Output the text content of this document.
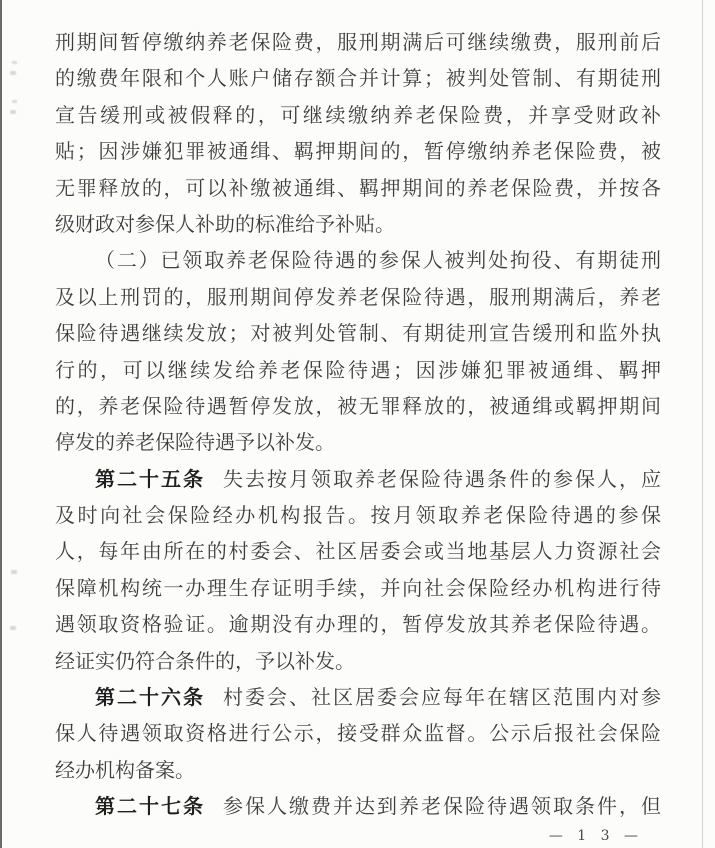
刑期间暂停缴纳养老保险费，服刑期满后可继续缴费，服刑前后
的缴费年限和个人账户储存额合并计算；被判处管制、有期徒刑
宣告缓刑或被假释的，可继续缴纳养老保险费，并享受财政补
贴；因涉嫌犯罪被通缉、羁押期间的，暂停缴纳养老保险费，被
无罪释放的，可以补缴被通缉、羁押期间的养老保险费，并按各
级财政对参保人补助的标准给予补贴。
（二）已领取养老保险待遇的参保人被判处拘役、有期徒刑
及以上刑罚的，服刑期间停发养老保险待遇，服刑期满后，养老
保险待遇继续发放；对被判处管制、有期徒刑宣告缓刑和监外执
行的，可以继续发给养老保险待遇；因涉嫌犯罪被通缉、羁押
的，养老保险待遇暂停发放，被无罪释放的，被通缉或羁押期间
停发的养老保险待遇予以补发。
第二十五条 失去按月领取养老保险待遇条件的参保人，应
及时向社会保险经办机构报告。按月领取养老保险待遇的参保
人，每年由所在的村委会、社区居委会或当地基层人力资源社会
保障机构统一办理生存证明手续，并向社会保险经办机构进行待
遇领取资格验证。逾期没有办理的，暂停发放其养老保险待遇。
经证实仍符合条件的，予以补发。
第二十六条 村委会、社区居委会应每年在辖区范围内对参
保人待遇领取资格进行公示，接受群众监督。公示后报社会保险
经办机构备案。
第二十七条 参保人缴费并达到养老保险待遇领取条件，但
— 1 3 —
